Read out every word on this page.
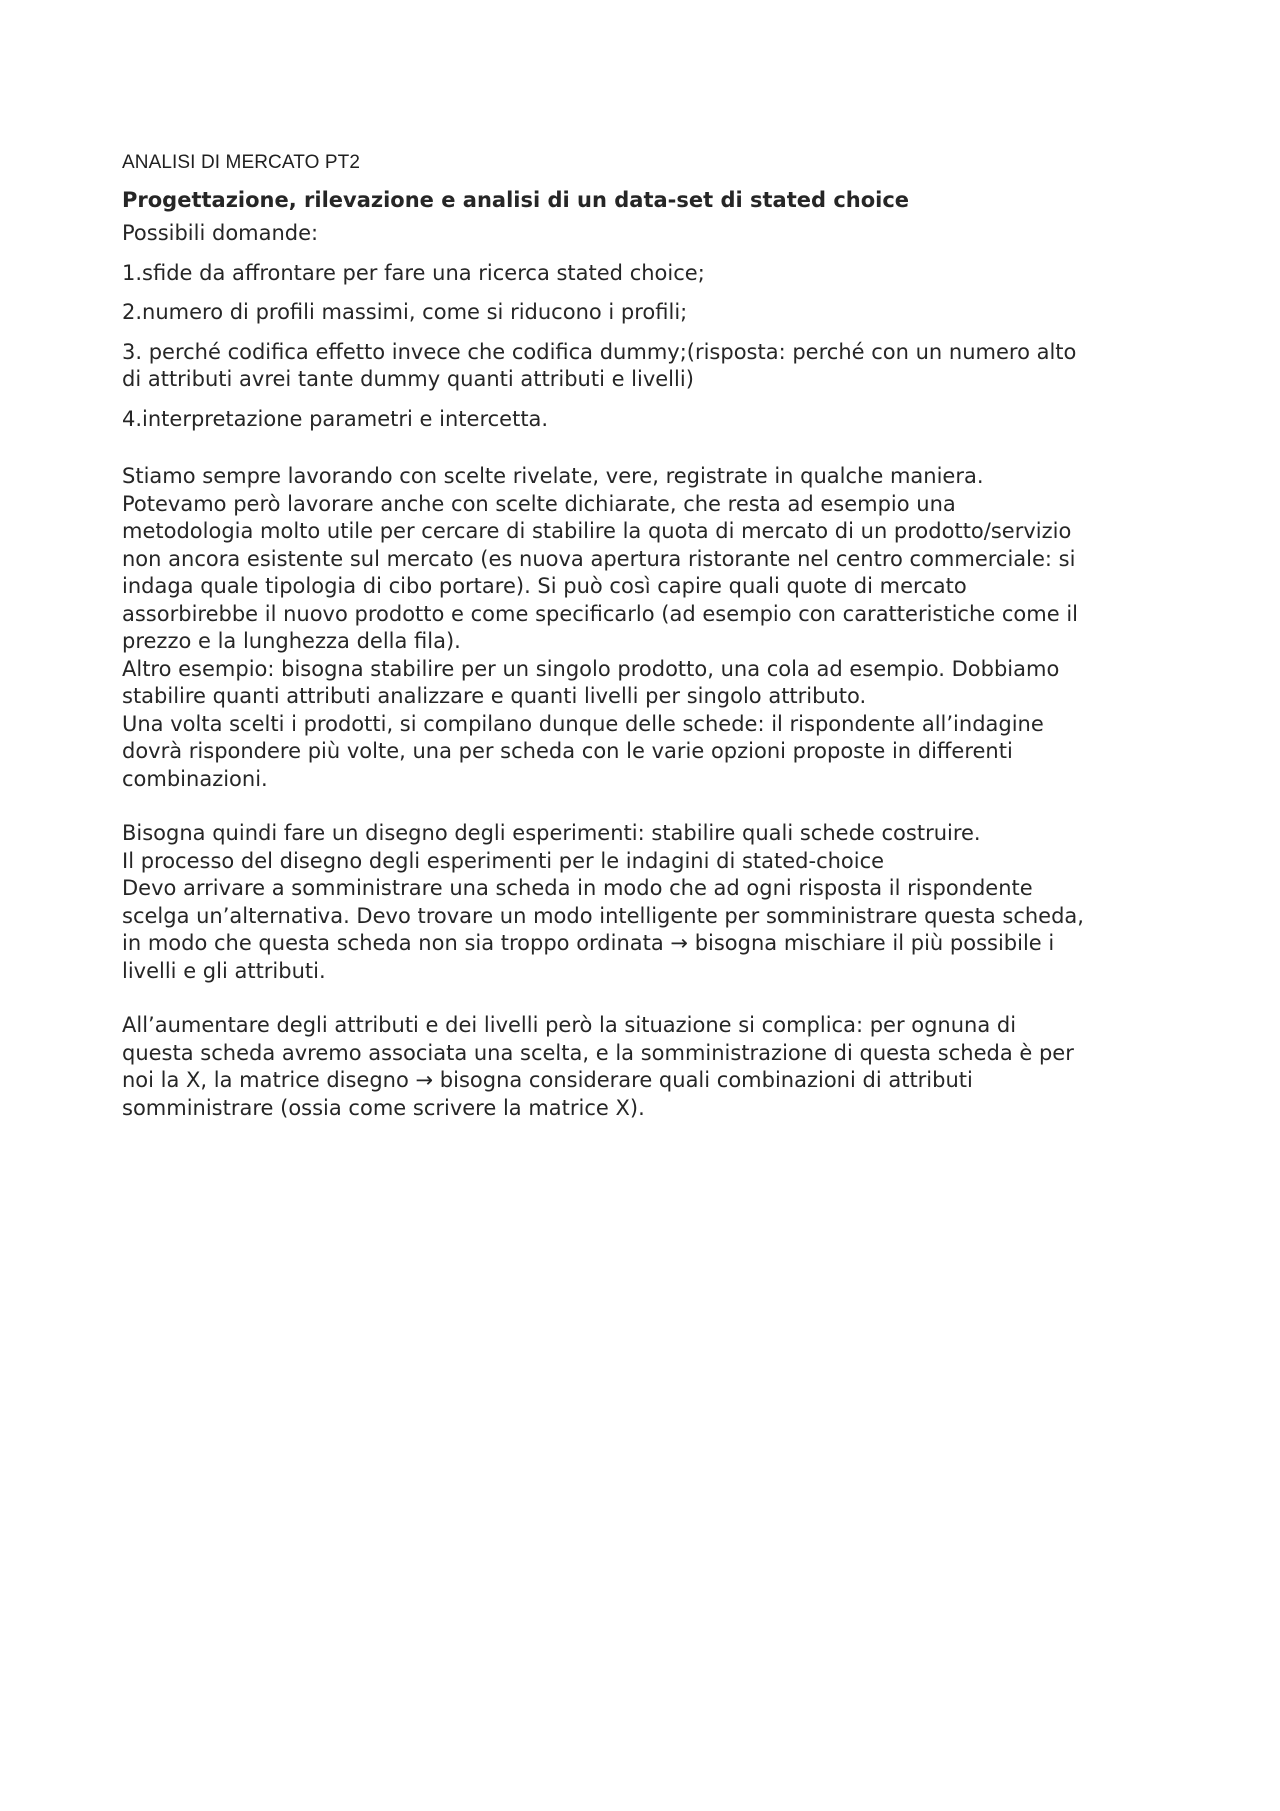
ANALISI DI MERCATO PT2
Progettazione, rilevazione e analisi di un data-set di stated choice

Possibili domande:

1.sfide da affrontare per fare una ricerca stated choice;

2.numero di profili massimi, come si riducono i profili;

3. perché codifica effetto invece che codifica dummy;(risposta: perché con un numero alto
di attributi avrei tante dummy quanti attributi e livelli)

4.interpretazione parametri e intercetta.

Stiamo sempre lavorando con scelte rivelate, vere, registrate in qualche maniera.
Potevamo però lavorare anche con scelte dichiarate, che resta ad esempio una
metodologia molto utile per cercare di stabilire la quota di mercato di un prodotto/servizio
non ancora esistente sul mercato (es nuova apertura ristorante nel centro commerciale: si
indaga quale tipologia di cibo portare). Si può così capire quali quote di mercato
assorbirebbe il nuovo prodotto e come specificarlo (ad esempio con caratteristiche come il
prezzo e la lunghezza della fila).
Altro esempio: bisogna stabilire per un singolo prodotto, una cola ad esempio. Dobbiamo
stabilire quanti attributi analizzare e quanti livelli per singolo attributo.
Una volta scelti i prodotti, si compilano dunque delle schede: il rispondente all’indagine
dovrà rispondere più volte, una per scheda con le varie opzioni proposte in differenti
combinazioni.

Bisogna quindi fare un disegno degli esperimenti: stabilire quali schede costruire.
Il processo del disegno degli esperimenti per le indagini di stated-choice
Devo arrivare a somministrare una scheda in modo che ad ogni risposta il rispondente
scelga un’alternativa. Devo trovare un modo intelligente per somministrare questa scheda,
in modo che questa scheda non sia troppo ordinata → bisogna mischiare il più possibile i
livelli e gli attributi.

All’aumentare degli attributi e dei livelli però la situazione si complica: per ognuna di
questa scheda avremo associata una scelta, e la somministrazione di questa scheda è per
noi la X, la matrice disegno → bisogna considerare quali combinazioni di attributi
somministrare (ossia come scrivere la matrice X).
